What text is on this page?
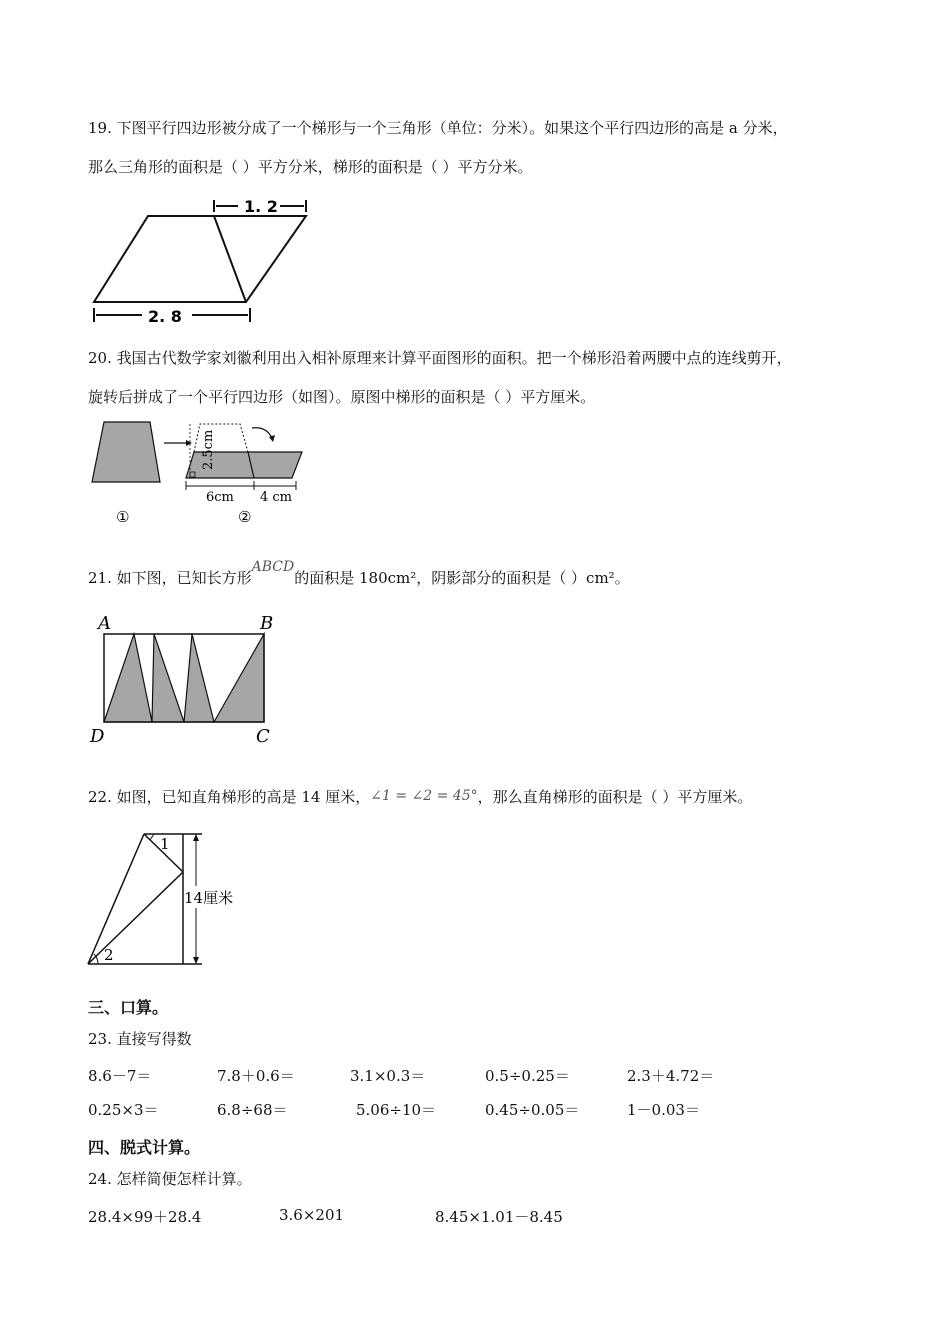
19. 下图平行四边形被分成了一个梯形与一个三角形（单位：分米）。如果这个平行四边形的高是 a 分米，
那么三角形的面积是（ ）平方分米，梯形的面积是（ ）平方分米。
1. 2
2. 8
20. 我国古代数学家刘徽利用出入相补原理来计算平面图形的面积。把一个梯形沿着两腰中点的连线剪开，
旋转后拼成了一个平行四边形（如图）。原图中梯形的面积是（ ）平方厘米。
2.5cm
6cm 4 cm
①	②
21. 如下图，已知长方形ABCD的面积是 180cm²，阴影部分的面积是（ ）cm²。
A	B
C
D
22. 如图，已知直角梯形的高是 14 厘米，∠1 = ∠2 = 45°，那么直角梯形的面积是（ ）平方厘米。
1
2
14厘米
三、口算。
23. 直接写得数
8.6－7＝	7.8＋0.6＝	3.1×0.3＝	0.5÷0.25＝	2.3＋4.72＝
0.25×3＝	6.8÷68＝	5.06÷10＝	0.45÷0.05＝	1－0.03＝
四、脱式计算。
24. 怎样简便怎样计算。
28.4×99＋28.4	3.6×201	8.45×1.01－8.45
